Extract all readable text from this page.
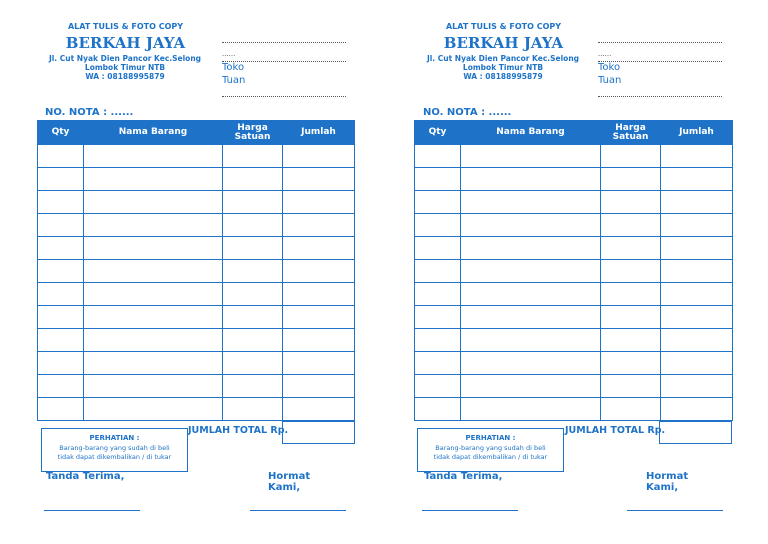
ALAT TULIS & FOTO COPY
BERKAH JAYA
Jl. Cut Nyak Dien Pancor Kec.Selong
Lombok Timur NTB
WA : 08188995879
......
Toko
Tuan
NO. NOTA : ......
Qty	Nama Barang	Harga Satuan	Jumlah

JUMLAH TOTAL Rp.
PERHATIAN :
Barang-barang yang sudah di beli
tidak dapat dikembalikan / di tukar
Tanda Terima,	Hormat Kami,
ALAT TULIS & FOTO COPY
BERKAH JAYA
Jl. Cut Nyak Dien Pancor Kec.Selong
Lombok Timur NTB
WA : 08188995879
......
Toko
Tuan
NO. NOTA : ......
Qty	Nama Barang	Harga Satuan	Jumlah

JUMLAH TOTAL Rp.
PERHATIAN :
Barang-barang yang sudah di beli
tidak dapat dikembalikan / di tukar
Tanda Terima,	Hormat Kami,
